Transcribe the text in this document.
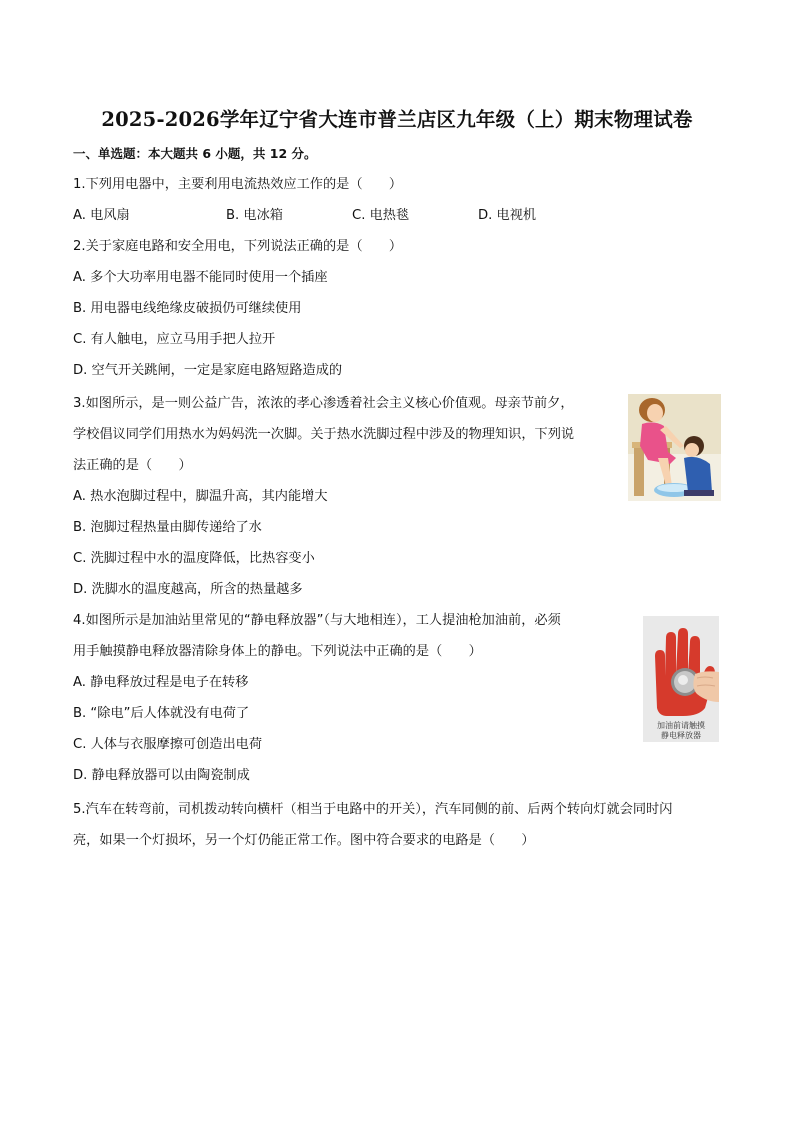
2025-2026学年辽宁省大连市普兰店区九年级（上）期末物理试卷
一、单选题：本大题共 6 小题，共 12 分。
1.下列用电器中，主要利用电流热效应工作的是（　　）
A. 电风扇	B. 电冰箱	C. 电热毯	D. 电视机
2.关于家庭电路和安全用电，下列说法正确的是（　　）
A. 多个大功率用电器不能同时使用一个插座
B. 用电器电线绝缘皮破损仍可继续使用
C. 有人触电，应立马用手把人拉开
D. 空气开关跳闸，一定是家庭电路短路造成的
3.如图所示，是一则公益广告，浓浓的孝心渗透着社会主义核心价值观。母亲节前夕，
学校倡议同学们用热水为妈妈洗一次脚。关于热水洗脚过程中涉及的物理知识，下列说
法正确的是（　　）
A. 热水泡脚过程中，脚温升高，其内能增大
B. 泡脚过程热量由脚传递给了水
C. 洗脚过程中水的温度降低，比热容变小
D. 洗脚水的温度越高，所含的热量越多
4.如图所示是加油站里常见的“静电释放器”（与大地相连），工人提油枪加油前，必须
用手触摸静电释放器清除身体上的静电。下列说法中正确的是（　　）
A. 静电释放过程是电子在转移
B. “除电”后人体就没有电荷了
C. 人体与衣服摩擦可创造出电荷
D. 静电释放器可以由陶瓷制成
加油前请触摸
静电释放器
5.汽车在转弯前，司机拨动转向横杆（相当于电路中的开关），汽车同侧的前、后两个转向灯就会同时闪
亮，如果一个灯损坏，另一个灯仍能正常工作。图中符合要求的电路是（　　）
